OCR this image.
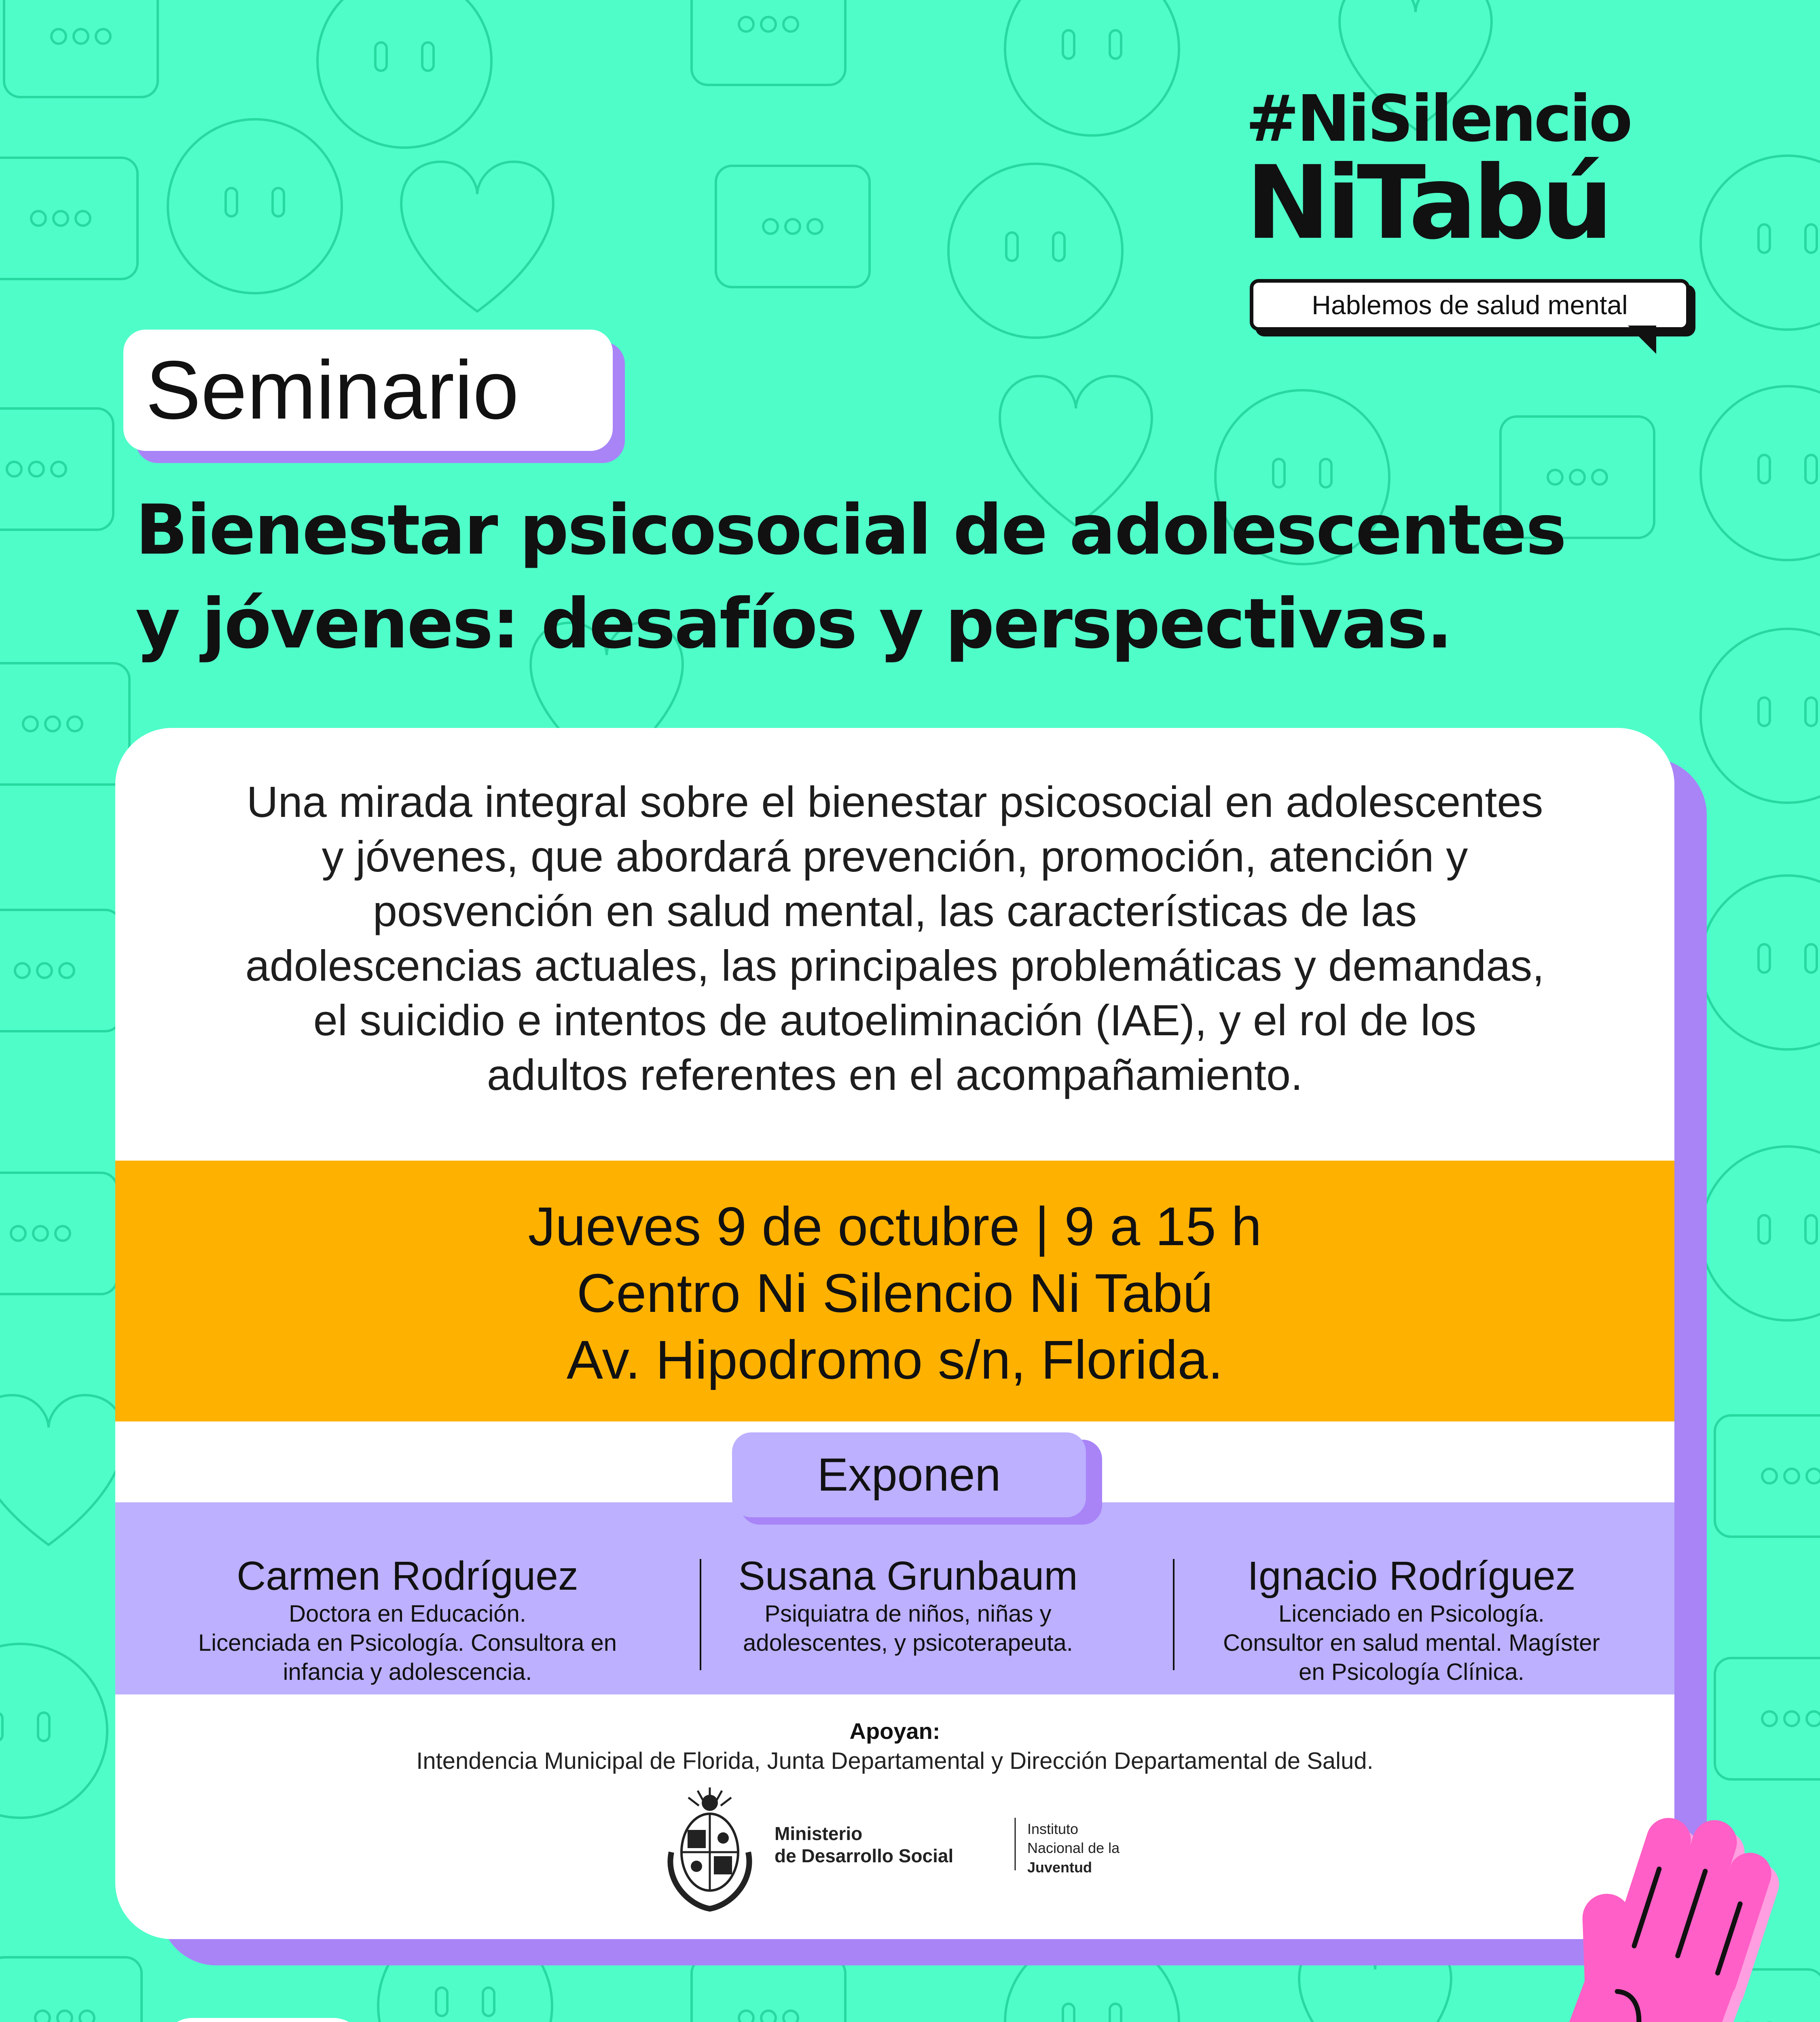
#NiSilencio
NiTabú
Hablemos de salud mental
Seminario
Bienestar psicosocial de adolescentes
y jóvenes: desafíos y perspectivas.
Una mirada integral sobre el bienestar psicosocial en adolescentes
y jóvenes, que abordará prevención, promoción, atención y
posvención en salud mental, las características de las
adolescencias actuales, las principales problemáticas y demandas,
el suicidio e intentos de autoeliminación (IAE), y el rol de los
adultos referentes en el acompañamiento.
Jueves 9 de octubre | 9 a 15 h
Centro Ni Silencio Ni Tabú
Av. Hipodromo s/n, Florida.
Carmen Rodríguez
Doctora en Educación.
Licenciada en Psicología. Consultora en
infancia y adolescencia.
Susana Grunbaum
Psiquiatra de niños, niñas y
adolescentes, y psicoterapeuta.
Ignacio Rodríguez
Licenciado en Psicología.
Consultor en salud mental. Magíster
en Psicología Clínica.
Exponen
Apoyan:
Intendencia Municipal de Florida, Junta Departamental y Dirección Departamental de Salud.
Ministerio
de Desarrollo Social
Instituto
Nacional de la
Juventud
